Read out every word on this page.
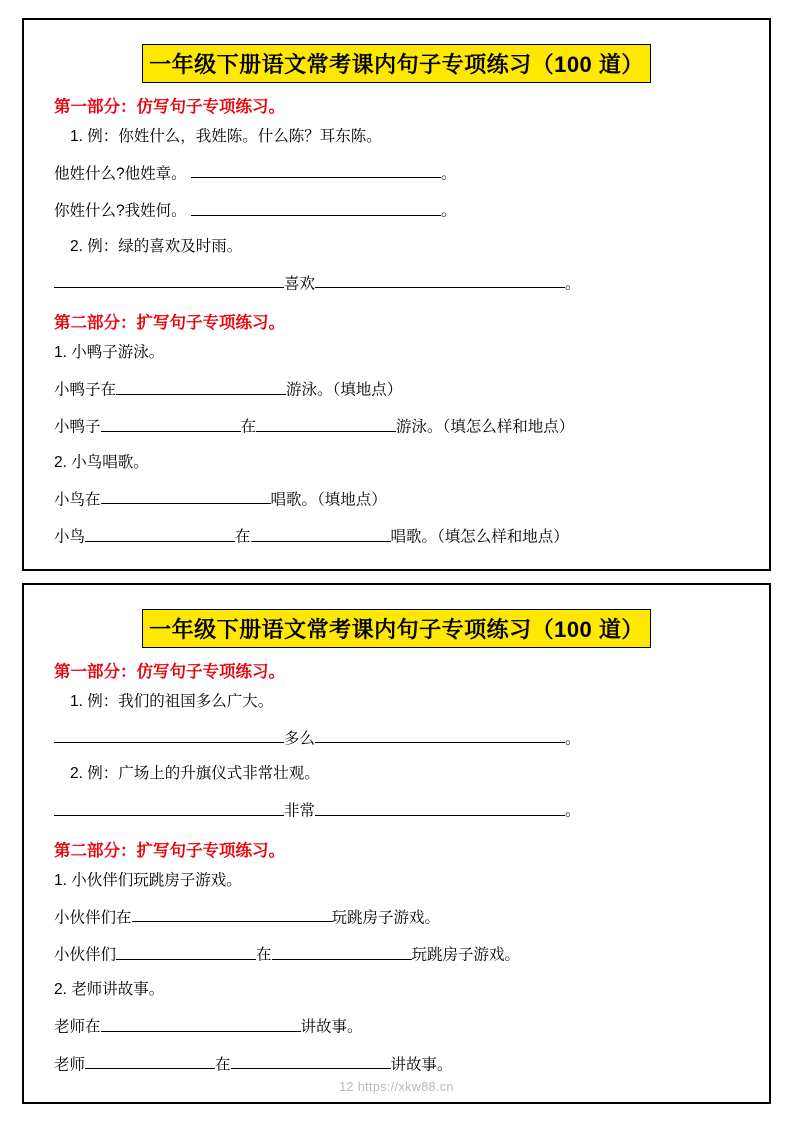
一年级下册语文常考课内句子专项练习（100 道）
第一部分：仿写句子专项练习。
1. 例：你姓什么，我姓陈。什么陈？耳东陈。
他姓什么?他姓章。	。
你姓什么?我姓何。	。
2. 例：绿的喜欢及时雨。
喜欢	。
第二部分：扩写句子专项练习。
1. 小鸭子游泳。
小鸭子在	游泳。（填地点）
小鸭子	在	游泳。（填怎么样和地点）
2. 小鸟唱歌。
小鸟在	唱歌。（填地点）
小鸟	在	唱歌。（填怎么样和地点）
一年级下册语文常考课内句子专项练习（100 道）
第一部分：仿写句子专项练习。
1. 例：我们的祖国多么广大。
多么	。
2. 例：广场上的升旗仪式非常壮观。
非常	。
第二部分：扩写句子专项练习。
1. 小伙伴们玩跳房子游戏。
小伙伴们在	玩跳房子游戏。
小伙伴们	在	玩跳房子游戏。
2. 老师讲故事。
老师在	讲故事。
老师	在	讲故事。
12 https://xkw88.cn
